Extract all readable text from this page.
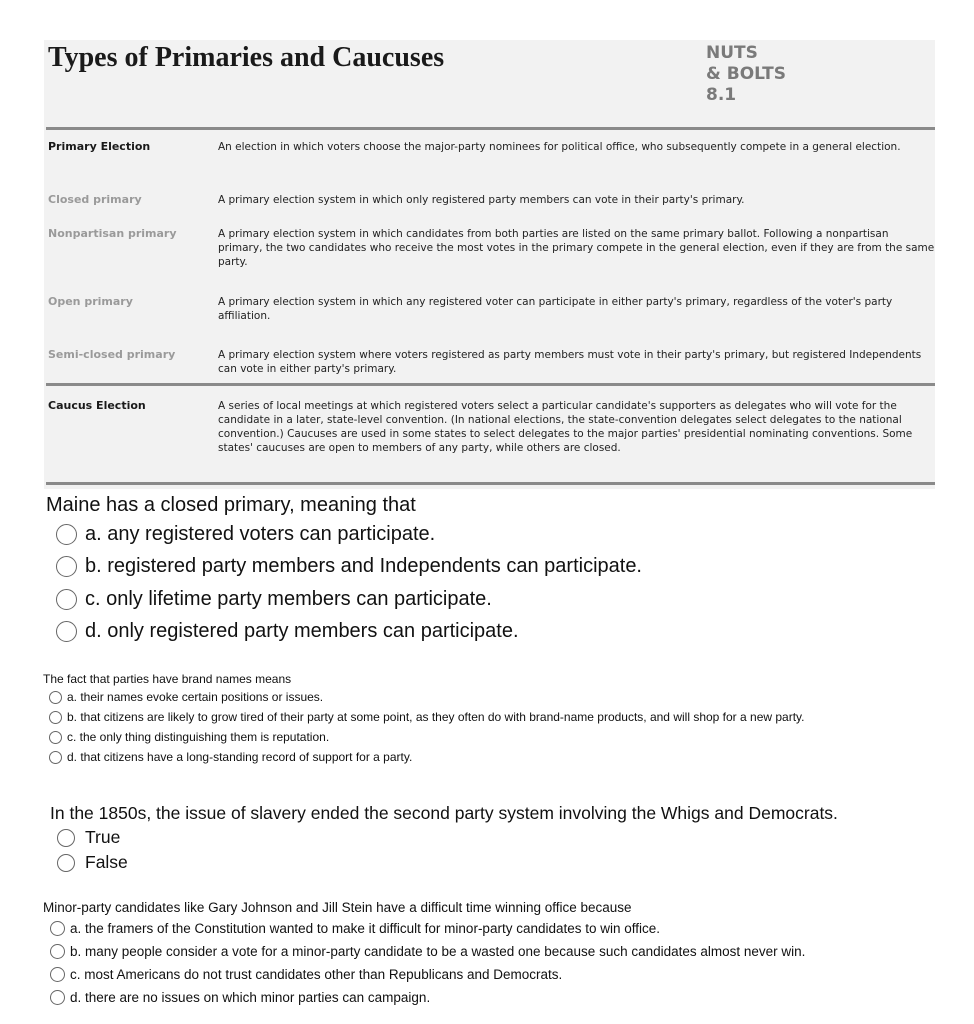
Types of Primaries and Caucuses	NUTS
& BOLTS
8.1
Primary Election	An election in which voters choose the major-party nominees for political office, who subsequently compete in a general election.
Closed primary	A primary election system in which only registered party members can vote in their party's primary.
Nonpartisan primary	A primary election system in which candidates from both parties are listed on the same primary ballot. Following a nonpartisan primary, the two candidates who receive the most votes in the primary compete in the general election, even if they are from the same party.
Open primary	A primary election system in which any registered voter can participate in either party's primary, regardless of the voter's party affiliation.
Semi-closed primary	A primary election system where voters registered as party members must vote in their party's primary, but registered Independents can vote in either party's primary.
Caucus Election	A series of local meetings at which registered voters select a particular candidate's supporters as delegates who will vote for the candidate in a later, state-level convention. (In national elections, the state-convention delegates select delegates to the national convention.) Caucuses are used in some states to select delegates to the major parties' presidential nominating conventions. Some states' caucuses are open to members of any party, while others are closed.
Maine has a closed primary, meaning that
a. any registered voters can participate.
b. registered party members and Independents can participate.
c. only lifetime party members can participate.
d. only registered party members can participate.
The fact that parties have brand names means
a. their names evoke certain positions or issues.
b. that citizens are likely to grow tired of their party at some point, as they often do with brand-name products, and will shop for a new party.
c. the only thing distinguishing them is reputation.
d. that citizens have a long-standing record of support for a party.
In the 1850s, the issue of slavery ended the second party system involving the Whigs and Democrats.
True
False
Minor-party candidates like Gary Johnson and Jill Stein have a difficult time winning office because
a. the framers of the Constitution wanted to make it difficult for minor-party candidates to win office.
b. many people consider a vote for a minor-party candidate to be a wasted one because such candidates almost never win.
c. most Americans do not trust candidates other than Republicans and Democrats.
d. there are no issues on which minor parties can campaign.
